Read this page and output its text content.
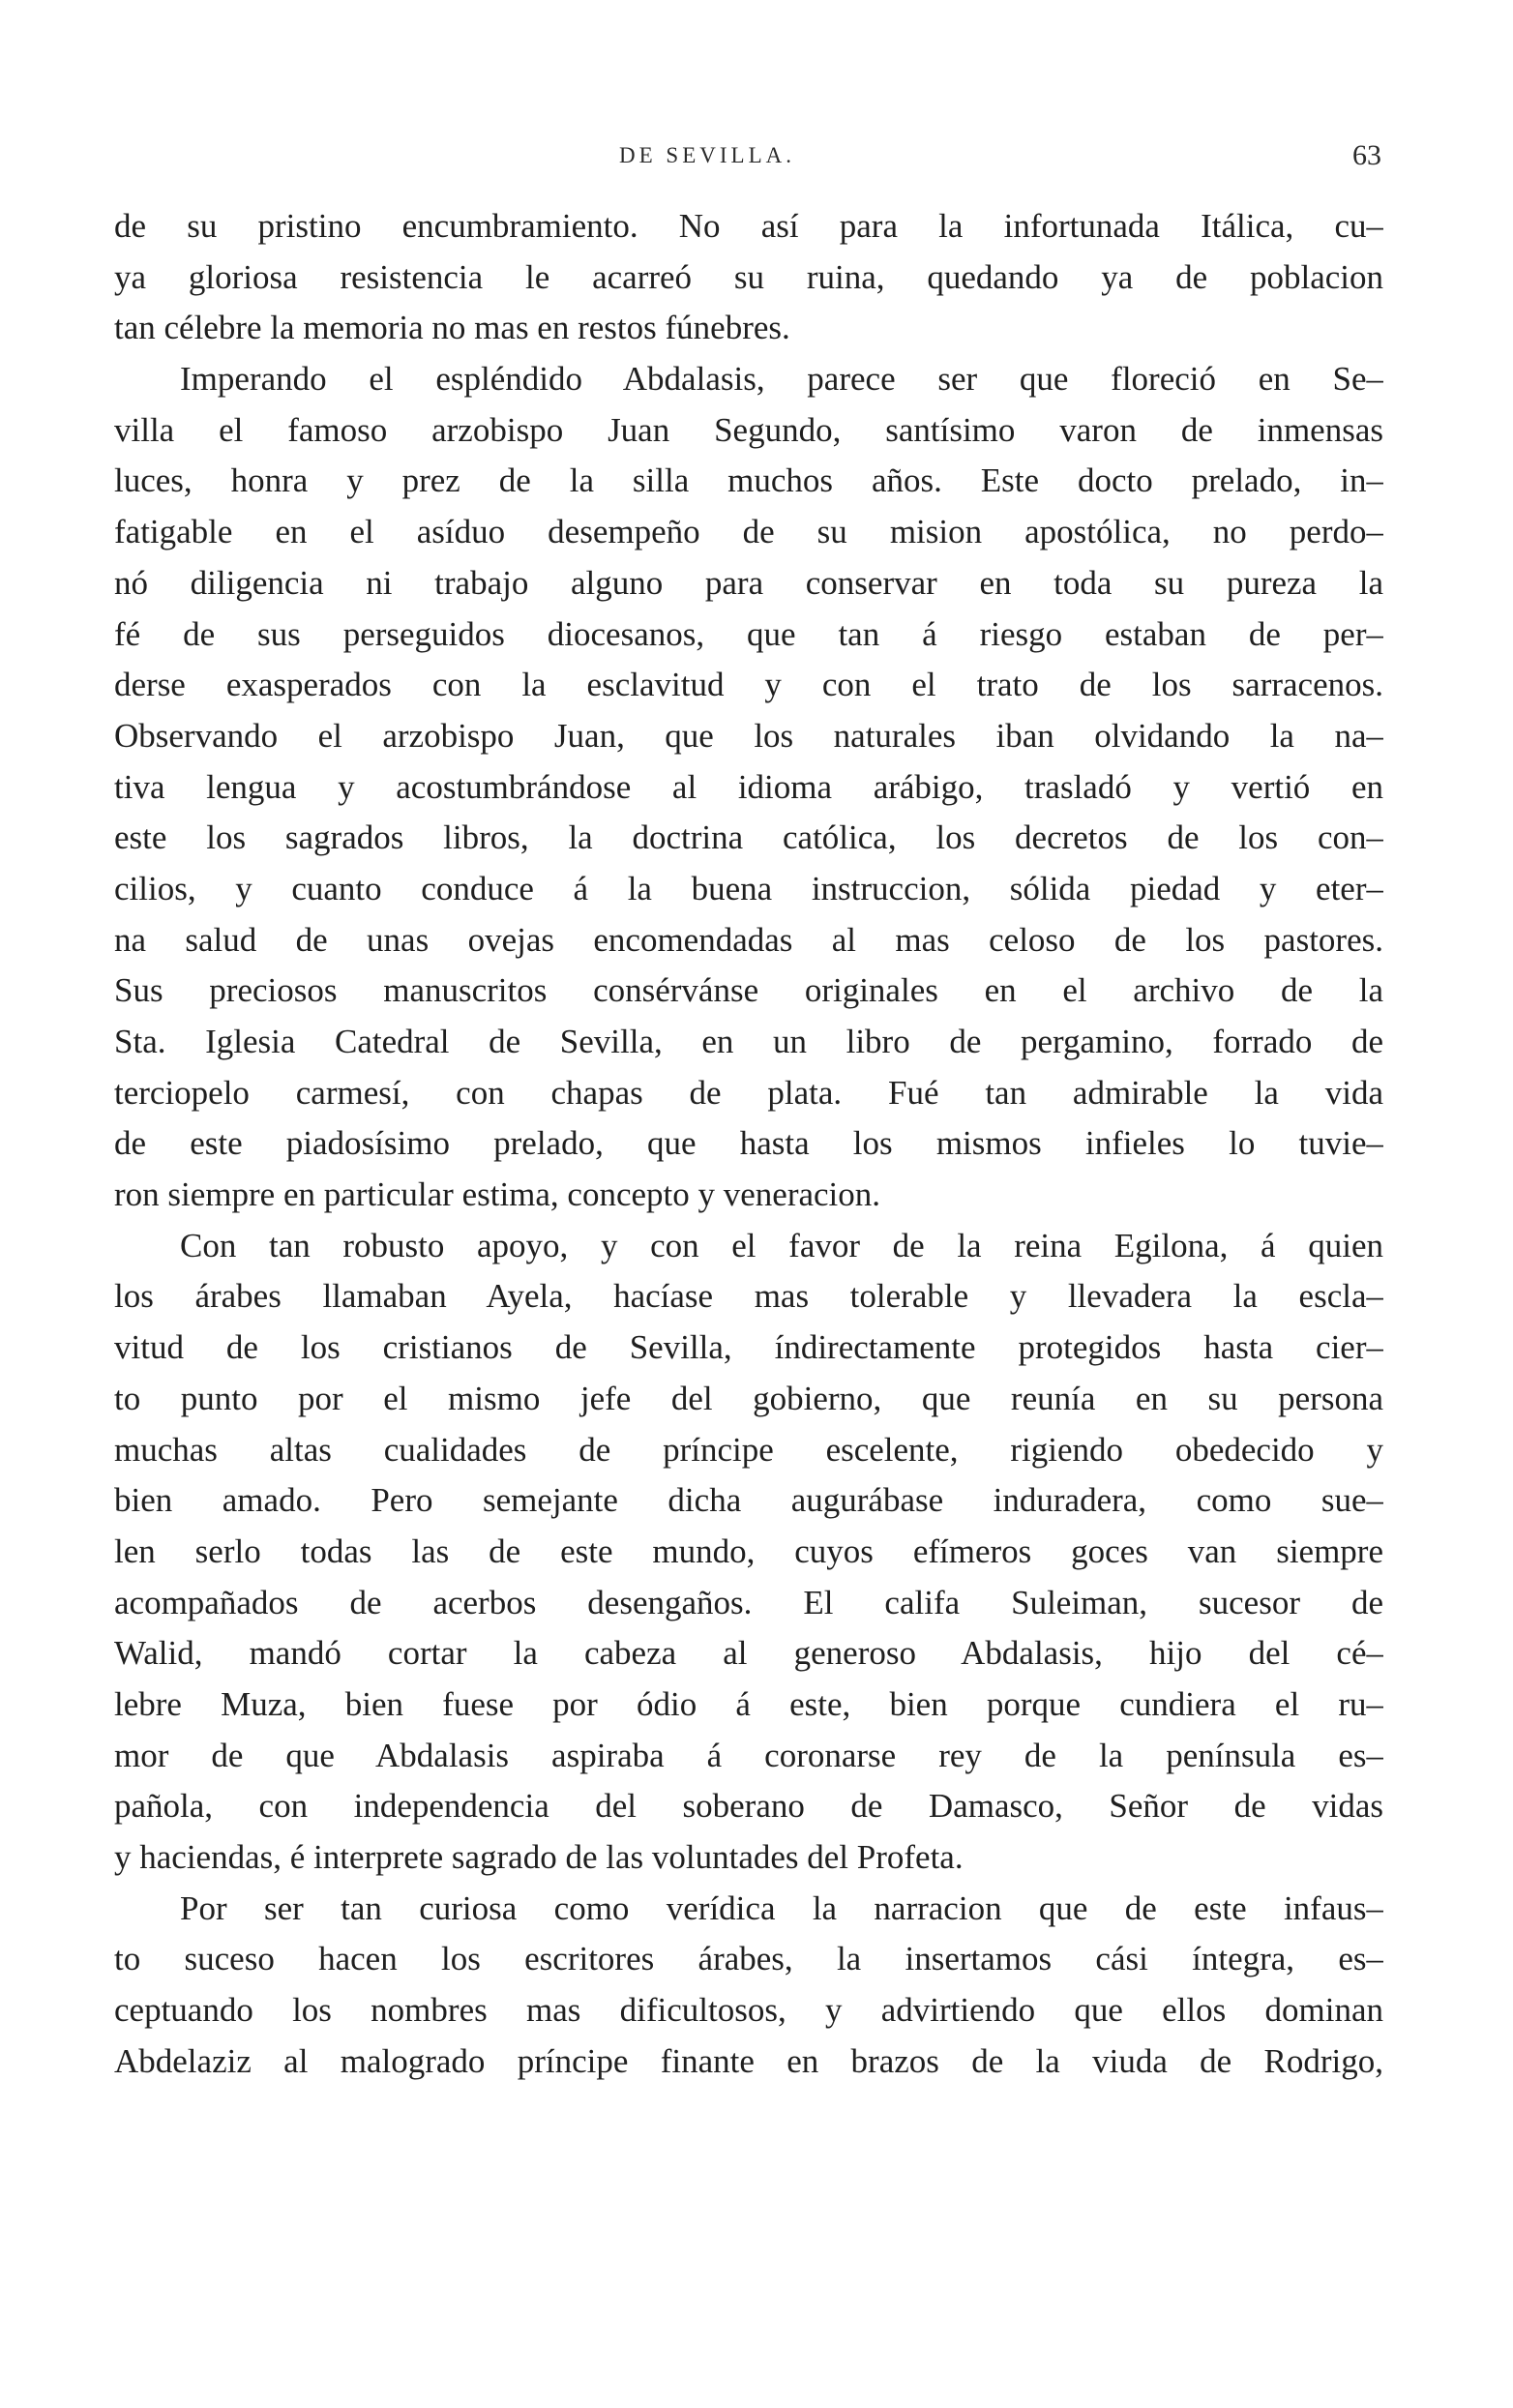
DE SEVILLA.	63
de su pristino encumbramiento. No así para la infortunada Itálica, cu–
ya gloriosa resistencia le acarreó su ruina, quedando ya de poblacion
tan célebre la memoria no mas en restos fúnebres.
Imperando el espléndido Abdalasis, parece ser que floreció en Se–
villa el famoso arzobispo Juan Segundo, santísimo varon de inmensas
luces, honra y prez de la silla muchos años. Este docto prelado, in–
fatigable en el asíduo desempeño de su mision apostólica, no perdo–
nó diligencia ni trabajo alguno para conservar en toda su pureza la
fé de sus perseguidos diocesanos, que tan á riesgo estaban de per–
derse exasperados con la esclavitud y con el trato de los sarracenos.
Observando el arzobispo Juan, que los naturales iban olvidando la na–
tiva lengua y acostumbrándose al idioma arábigo, trasladó y vertió en
este los sagrados libros, la doctrina católica, los decretos de los con–
cilios, y cuanto conduce á la buena instruccion, sólida piedad y eter–
na salud de unas ovejas encomendadas al mas celoso de los pastores.
Sus preciosos manuscritos consérvánse originales en el archivo de la
Sta. Iglesia Catedral de Sevilla, en un libro de pergamino, forrado de
terciopelo carmesí, con chapas de plata. Fué tan admirable la vida
de este piadosísimo prelado, que hasta los mismos infieles lo tuvie–
ron siempre en particular estima, concepto y veneracion.
Con tan robusto apoyo, y con el favor de la reina Egilona, á quien
los árabes llamaban Ayela, hacíase mas tolerable y llevadera la escla–
vitud de los cristianos de Sevilla, índirectamente protegidos hasta cier–
to punto por el mismo jefe del gobierno, que reunía en su persona
muchas altas cualidades de príncipe escelente, rigiendo obedecido y
bien amado. Pero semejante dicha augurábase induradera, como sue–
len serlo todas las de este mundo, cuyos efímeros goces van siempre
acompañados de acerbos desengaños. El califa Suleiman, sucesor de
Walid, mandó cortar la cabeza al generoso Abdalasis, hijo del cé–
lebre Muza, bien fuese por ódio á este, bien porque cundiera el ru–
mor de que Abdalasis aspiraba á coronarse rey de la península es–
pañola, con independencia del soberano de Damasco, Señor de vidas
y haciendas, é interprete sagrado de las voluntades del Profeta.
Por ser tan curiosa como verídica la narracion que de este infaus–
to suceso hacen los escritores árabes, la insertamos cási íntegra, es–
ceptuando los nombres mas dificultosos, y advirtiendo que ellos dominan
Abdelaziz al malogrado príncipe finante en brazos de la viuda de Rodrigo,
